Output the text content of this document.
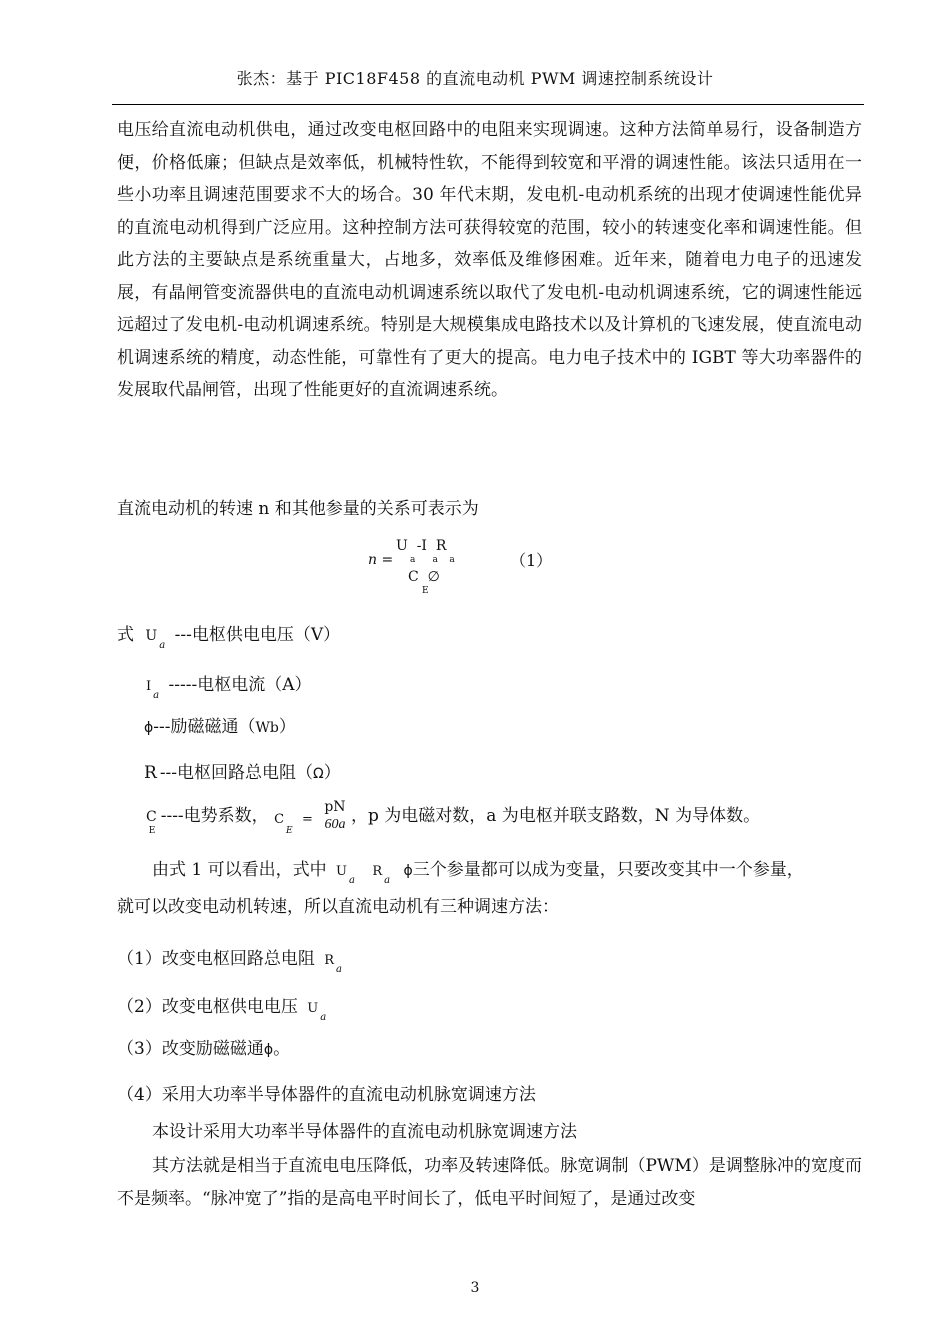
张杰：基于 PIC18F458 的直流电动机 PWM 调速控制系统设计
电压给直流电动机供电，通过改变电枢回路中的电阻来实现调速。这种方法简单易行，设备制造方便，价格低廉；但缺点是效率低，机械特性软，不能得到较宽和平滑的调速性能。该法只适用在一些小功率且调速范围要求不大的场合。30 年代末期，发电机-电动机系统的出现才使调速性能优异的直流电动机得到广泛应用。这种控制方法可获得较宽的范围，较小的转速变化率和调速性能。但此方法的主要缺点是系统重量大，占地多，效率低及维修困难。近年来，随着电力电子的迅速发展，有晶闸管变流器供电的直流电动机调速系统以取代了发电机-电动机调速系统，它的调速性能远远超过了发电机-电动机调速系统。特别是大规模集成电路技术以及计算机的飞速发展，使直流电动机调速系统的精度，动态性能，可靠性有了更大的提高。电力电子技术中的 IGBT 等大功率器件的发展取代晶闸管，出现了性能更好的直流调速系统。
直流电动机的转速 n 和其他参量的关系可表示为
n =
U  -I  R
a      a    a
C  ∅
E
（1）
式 $U_a$ ---电枢供电电压（V）
$I_a$ -----电枢电流（A）
ϕ---励磁磁通（Wb）
R ---电枢回路总电阻（Ω）
$_{CE}$ ----电势系数， $_{CE}$ $_=$
pN
60a ，p 为电磁对数，a 为电枢并联支路数，N 为导体数。
由式 1 可以看出，式中 $U_a$ $R_a$ ϕ三个参量都可以成为变量，只要改变其中一个参量，
就可以改变电动机转速，所以直流电动机有三种调速方法：
（1）改变电枢回路总电阻 $R_a$
（2）改变电枢供电电压 $U_a$
（3）改变励磁磁通ϕ。
（4）采用大功率半导体器件的直流电动机脉宽调速方法
本设计采用大功率半导体器件的直流电动机脉宽调速方法
其方法就是相当于直流电电压降低，功率及转速降低。脉宽调制（PWM）是调整脉冲的宽度而不是频率。“脉冲宽了”指的是高电平时间长了，低电平时间短了，是通过改变
3
